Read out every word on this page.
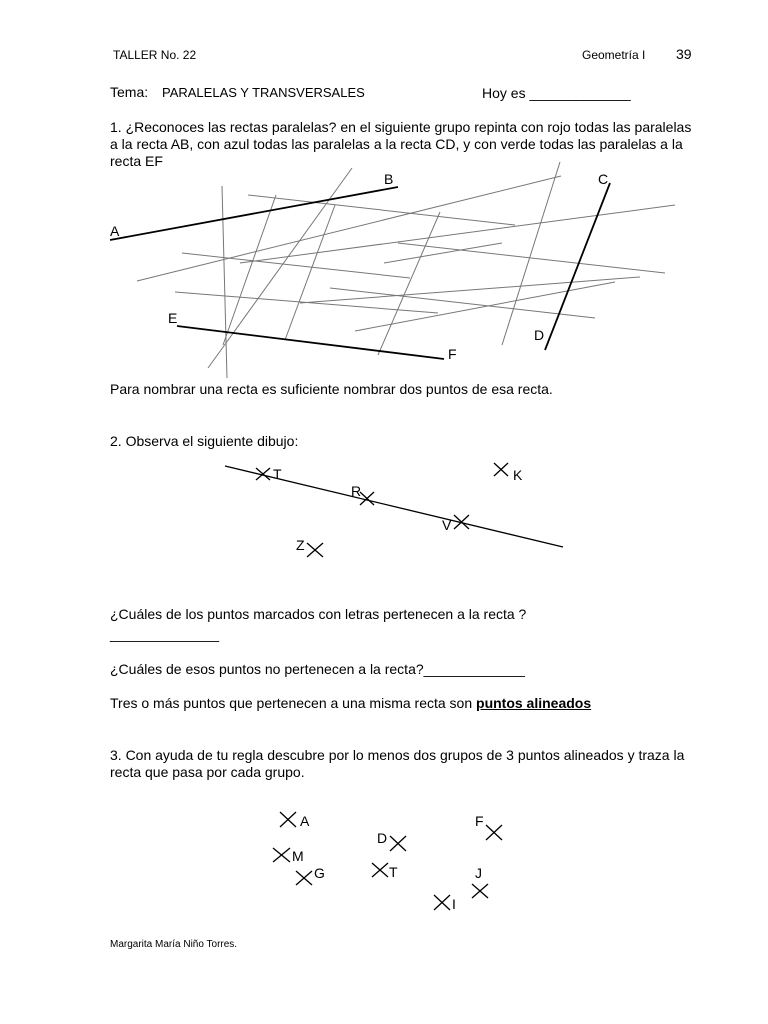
TALLER No. 22	Geometría I 39
Tema: PARALELAS Y TRANSVERSALES	Hoy es _____________
1. ¿Reconoces las rectas paralelas? en el siguiente grupo repinta con rojo todas las paralelas a la recta AB, con azul todas las paralelas a la recta CD, y con verde todas las paralelas a la recta EF
A
B	C
D
E
F
Para nombrar una recta es suficiente nombrar dos puntos de esa recta.
2. Observa el siguiente dibujo:
T
R
V
K
Z
¿Cuáles de los puntos marcados con letras pertenecen a la recta ?
______________
¿Cuáles de esos puntos no pertenecen a la recta?_____________
Tres o más puntos que pertenecen a una misma recta son puntos alineados
3. Con ayuda de tu regla descubre por lo menos dos grupos de 3 puntos alineados y traza la recta que pasa por cada grupo.
A
M
G
D
T
F
J
I
Margarita María Niño Torres.
